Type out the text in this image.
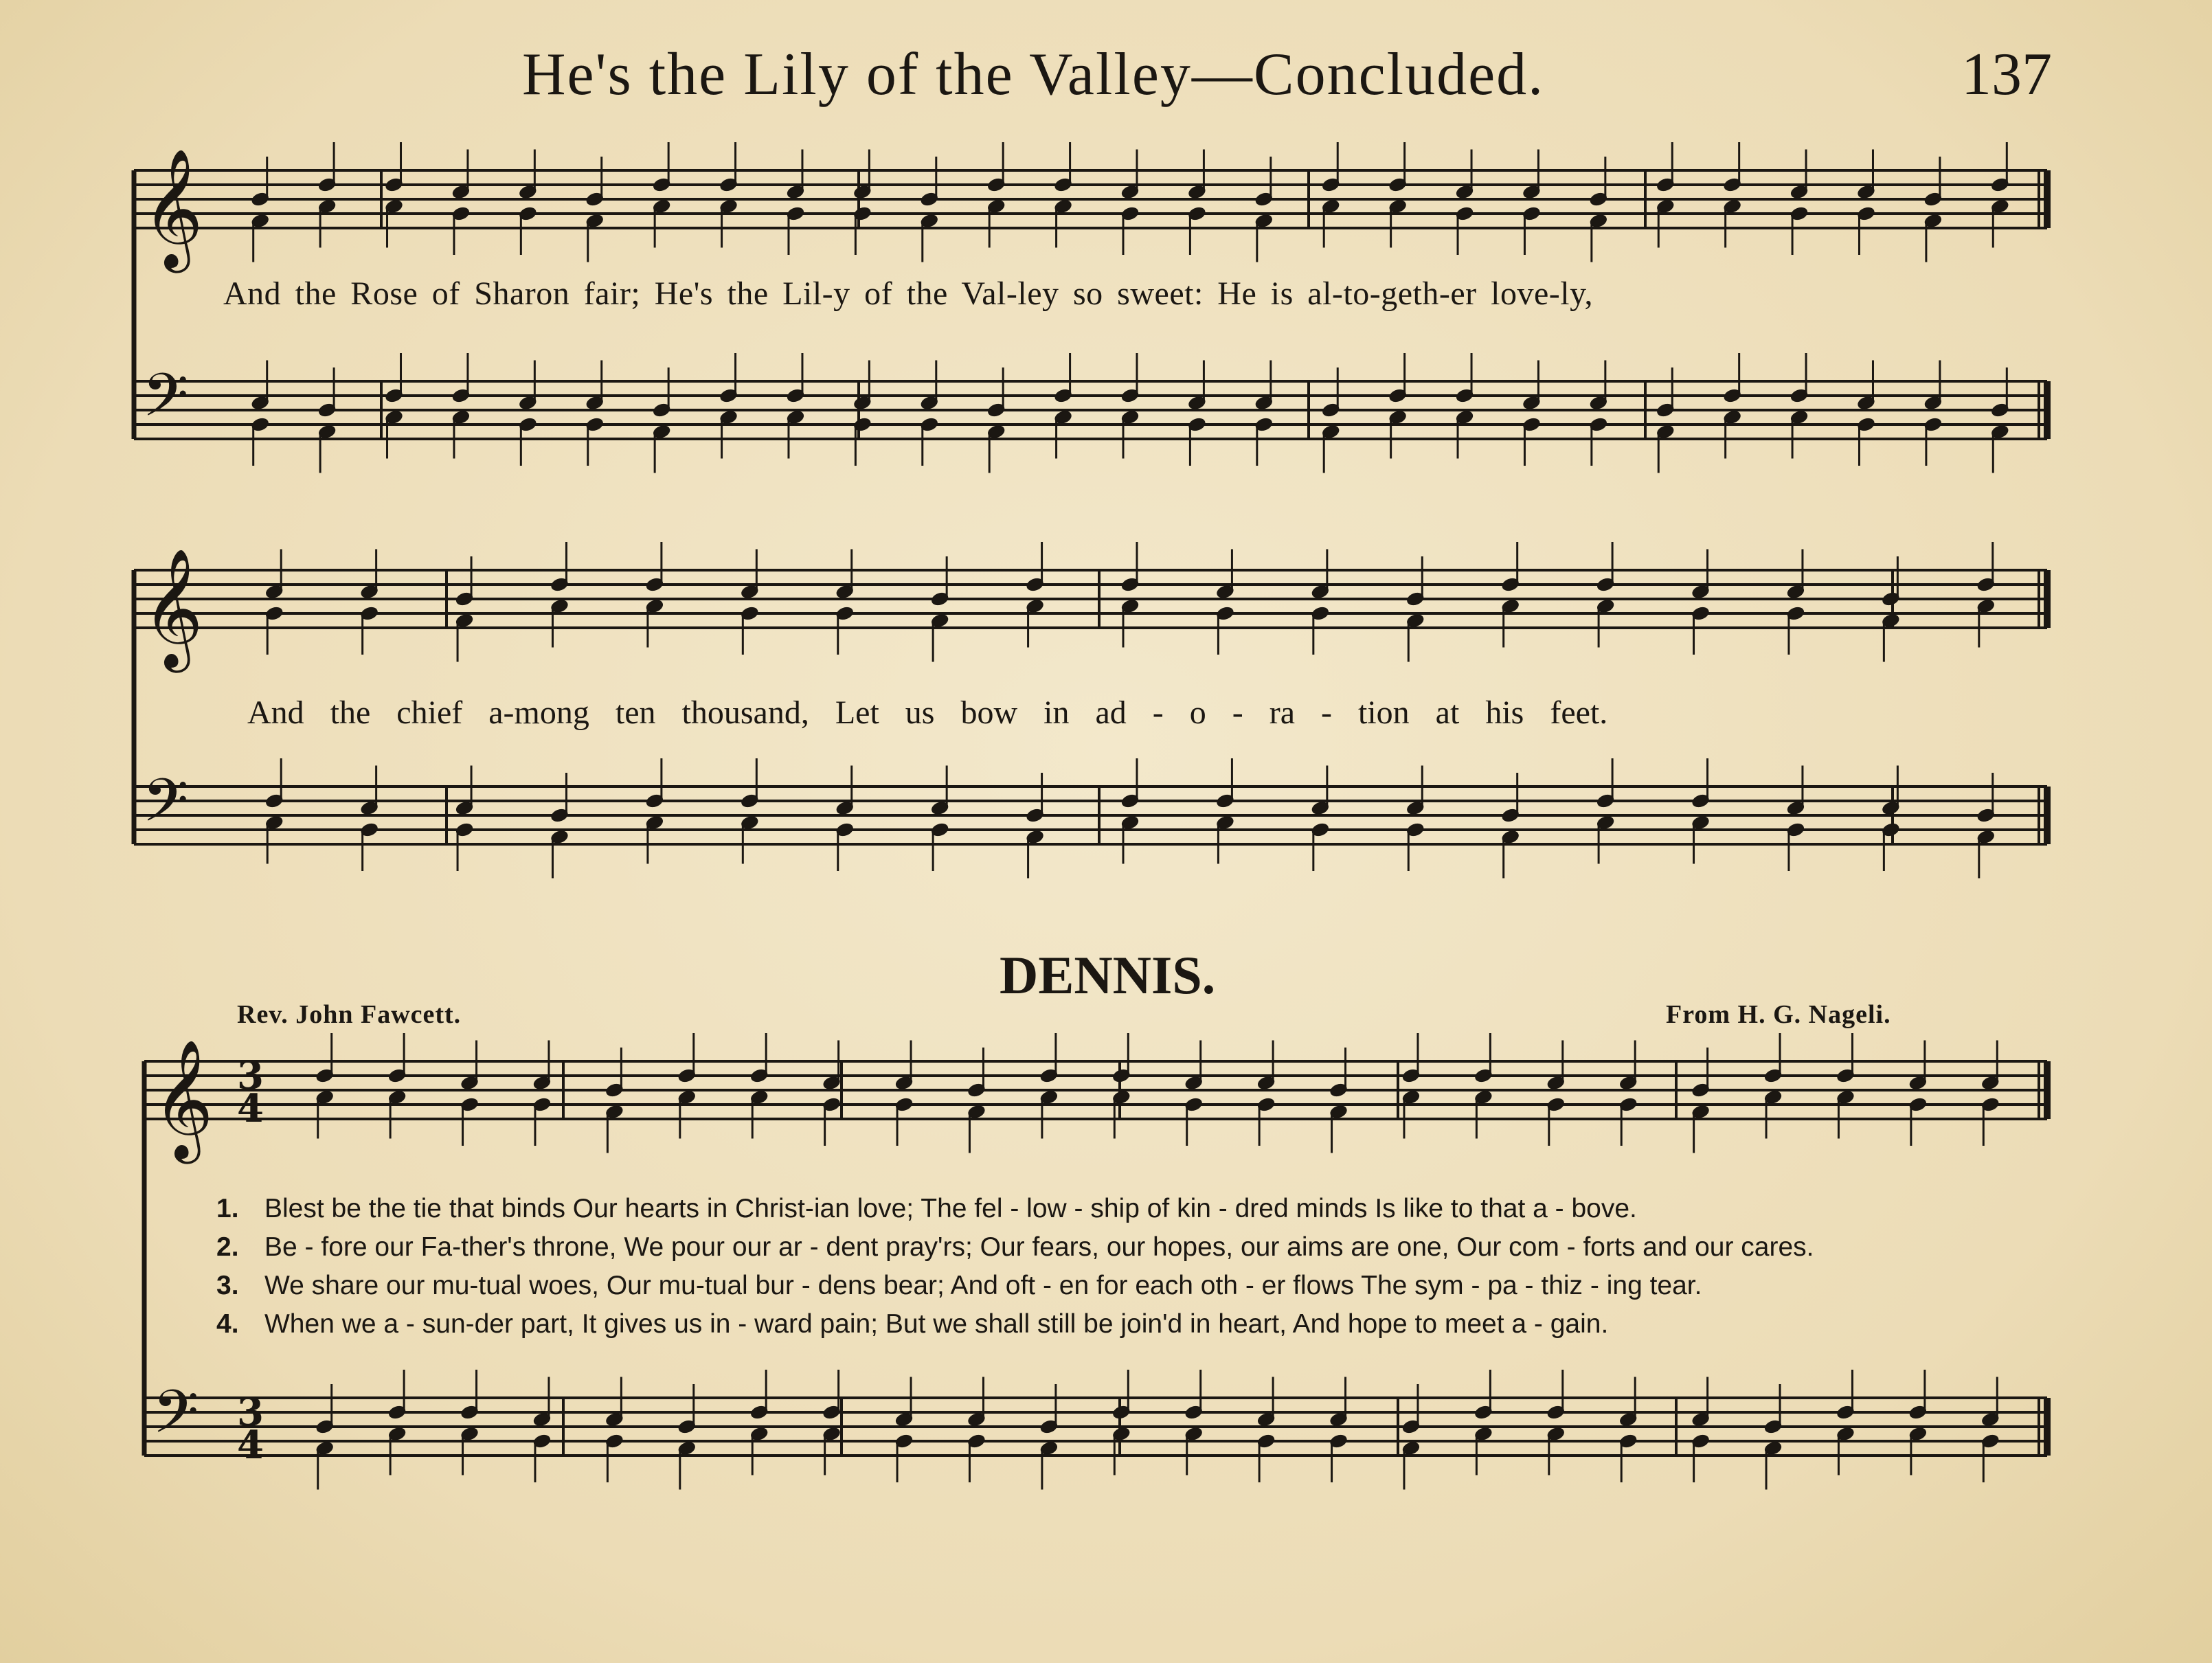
He's the Lily of the Valley—Concluded.	137
𝄞
𝄢
𝄞
𝄢
𝄞
𝄢
3
4
3
4
And the Rose of Sharon fair; He's the Lil-y of the Val-ley so sweet: He is al-to-geth-er love-ly,
And the chief a-mong ten thousand, Let us bow in ad - o - ra - tion at his feet.
DENNIS.
Rev. John Fawcett.	From H. G. Nageli.
1. Blest be the tie that binds Our hearts in Christ-ian love; The fel - low - ship of kin - dred minds Is like to that a - bove.
2. Be - fore our Fa-ther's throne, We pour our ar - dent pray'rs; Our fears, our hopes, our aims are one, Our com - forts and our cares.
3. We share our mu-tual woes, Our mu-tual bur - dens bear; And oft - en for each oth - er flows The sym - pa - thiz - ing tear.
4. When we a - sun-der part, It gives us in - ward pain; But we shall still be join'd in heart, And hope to meet a - gain.
